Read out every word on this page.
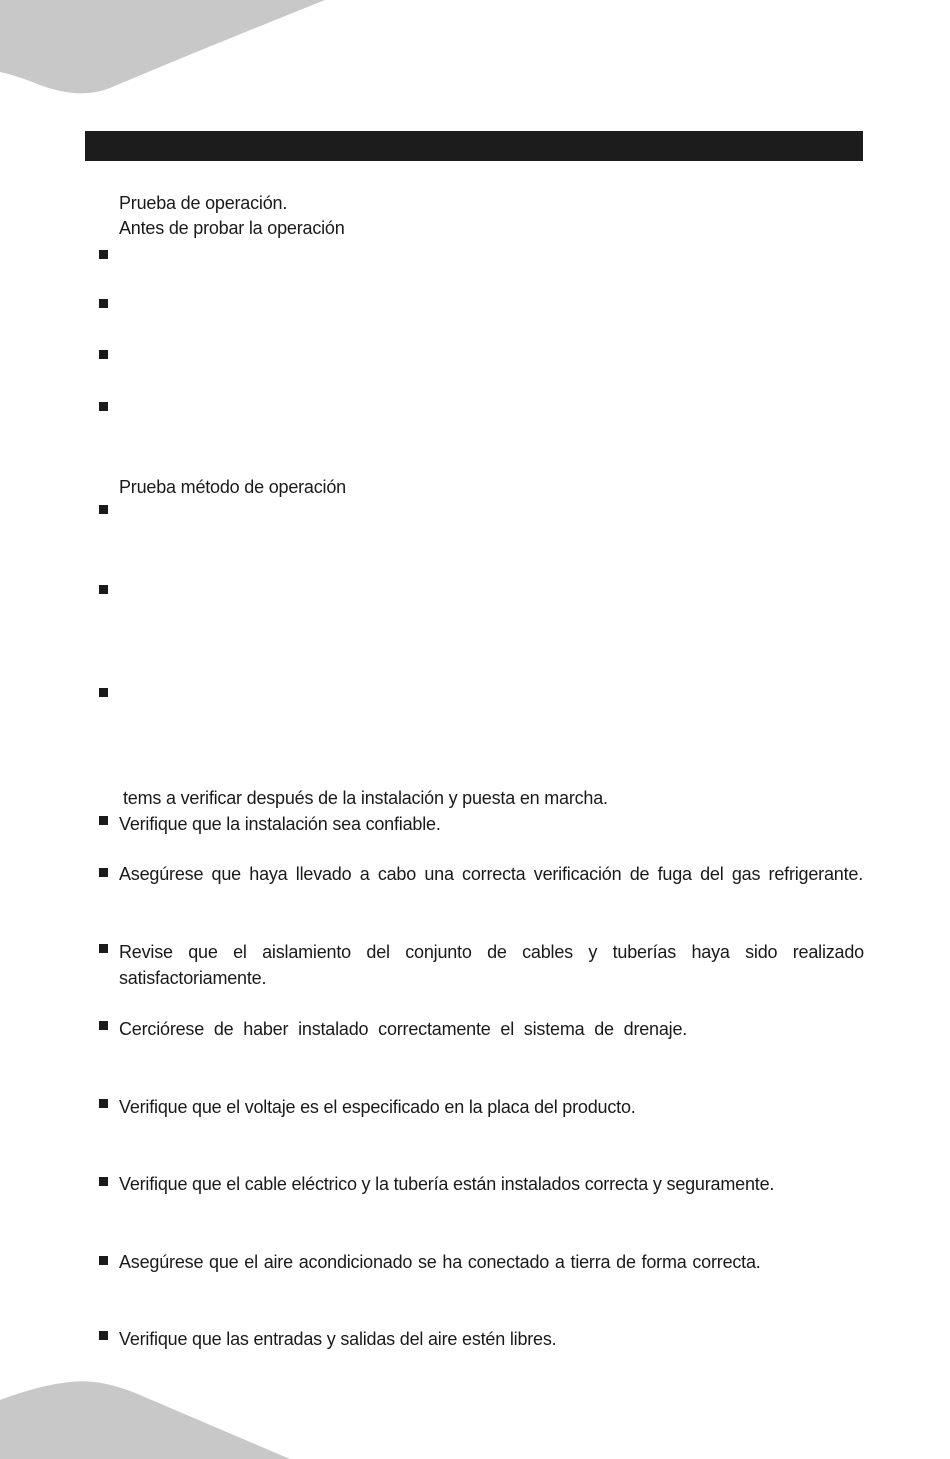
Prueba de operación.
Antes de probar la operación
Prueba método de operación
tems a verificar después de la instalación y puesta en marcha.
Verifique que la instalación sea confiable.
Asegúrese que haya llevado a cabo una correcta verificación de fuga del gas refrigerante.
Revise que el aislamiento del conjunto de cables y tuberías haya sido realizado satisfactoriamente.
Cerciórese de haber instalado correctamente el sistema de drenaje.
Verifique que el voltaje es el especificado en la placa del producto.
Verifique que el cable eléctrico y la tubería están instalados correcta y seguramente.
Asegúrese que el aire acondicionado se ha conectado a tierra de forma correcta.
Verifique que las entradas y salidas del aire estén libres.
